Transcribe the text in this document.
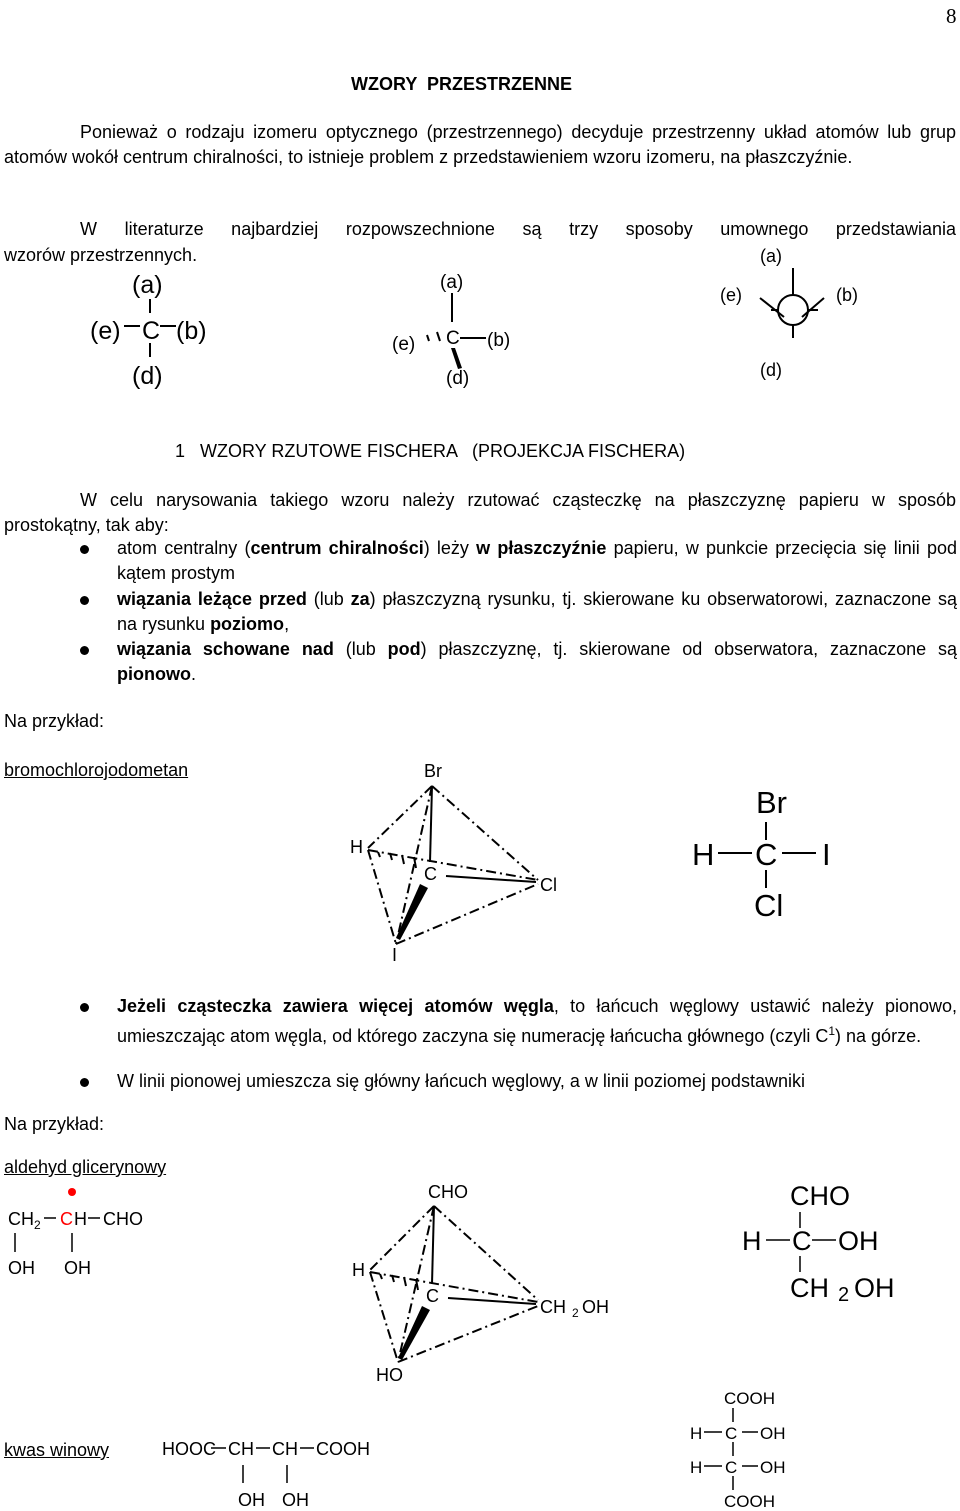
8
WZORY  PRZESTRZENNE
Ponieważ o rodzaju izomeru optycznego (przestrzennego) decyduje przestrzenny układ atomów lub grup atomów wokół centrum chiralności, to istnieje problem z przedstawieniem wzoru izomeru, na płaszczyźnie.
W literaturze najbardziej rozpowszechnione są trzy sposoby umownego przedstawiania
wzorów przestrzennych.
(a)
(e) C (b)
(d)
(a)
(e) C (b)
(d)
(a)
(e)	(b)
(d)
1   WZORY RZUTOWE FISCHERA   (PROJEKCJA FISCHERA)
W celu narysowania takiego wzoru należy rzutować cząsteczkę na płaszczyznę papieru w sposób prostokątny, tak aby:
atom centralny (centrum chiralności) leży w płaszczyźnie papieru, w punkcie przecięcia się linii pod kątem prostym
wiązania leżące przed (lub za) płaszczyzną rysunku, tj. skierowane ku obserwatorowi, zaznaczone są na rysunku poziomo,
wiązania schowane nad (lub pod) płaszczyznę, tj. skierowane od obserwatora, zaznaczone są pionowo.
Na przykład:
bromochlorojodometan	Br
H
C
Cl
I
Br
H C I
Cl
Jeżeli cząsteczka zawiera więcej atomów węgla, to łańcuch węglowy ustawić należy pionowo, umieszczając atom węgla, od którego zaczyna się numerację łańcucha głównego (czyli $C^1$) na górze.
W linii pionowej umieszcza się główny łańcuch węglowy, a w linii poziomej podstawniki
Na przykład:
aldehyd glicerynowy
CH 2 C H CHO
OH OH
CHO
H
C
CH 2 OH
HO
CHO
H C OH
CH 2 OH
kwas winowy	HOOC C H C H COOH
OH OH
COOH
H C OH
H C OH
COOH
